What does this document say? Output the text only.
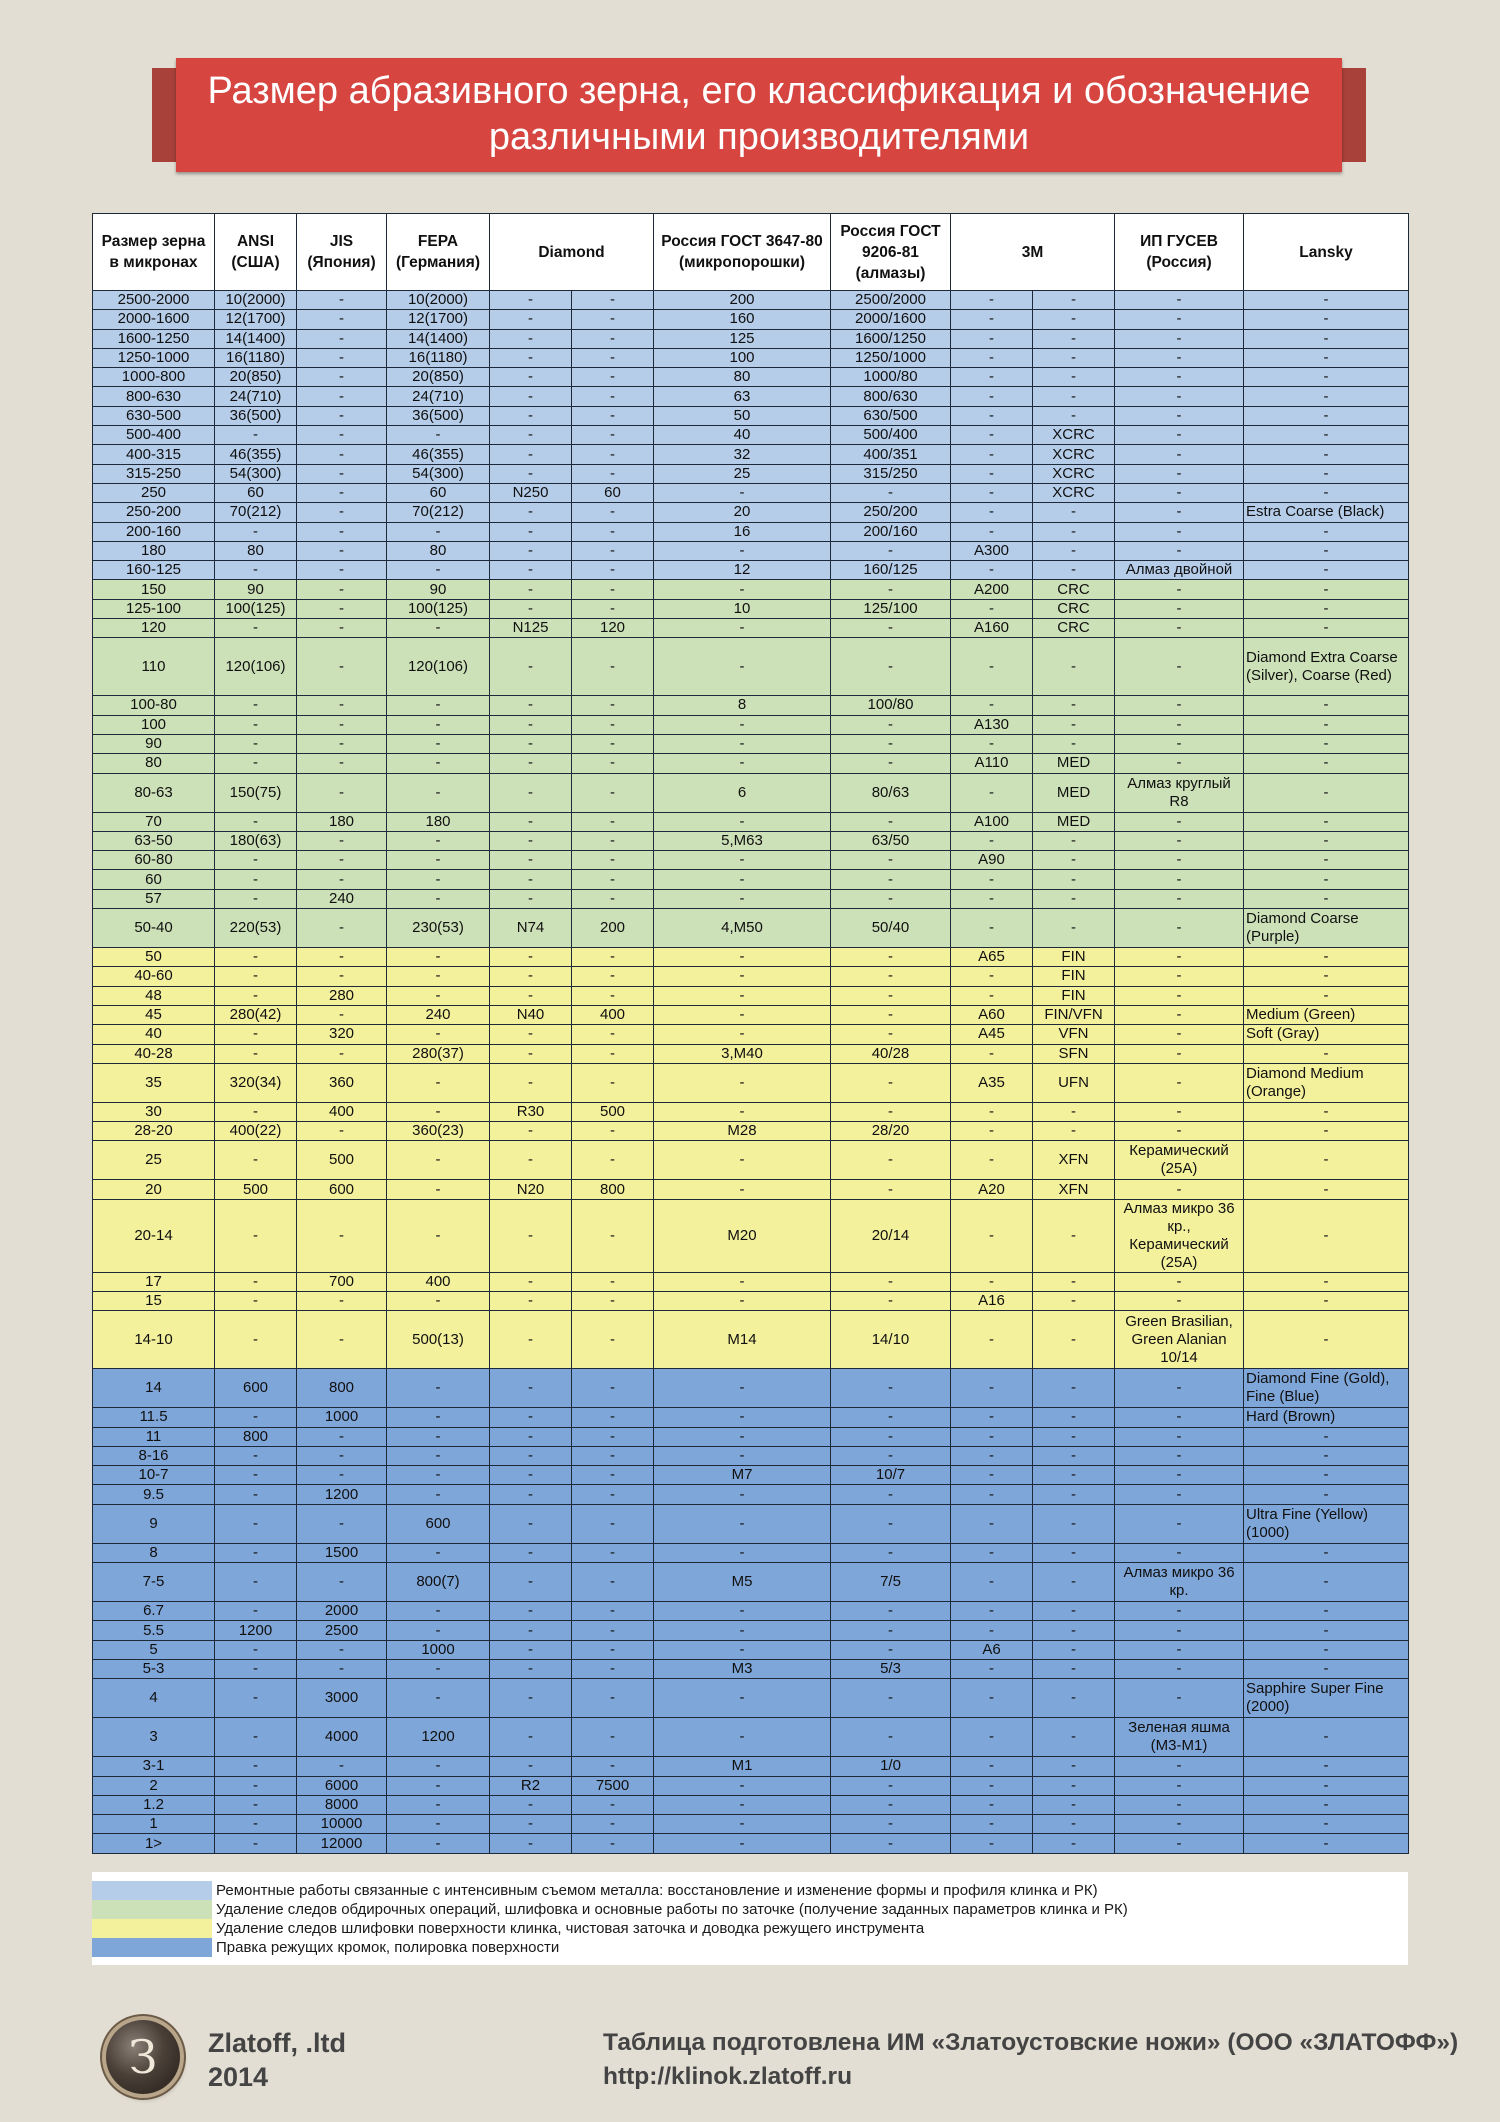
Размер абразивного зерна, его классификация и обозначение
различными производителями
Размер зерна в микронах	ANSI (США)	JIS (Япония)	FEPA (Германия)	Diamond		Россия ГОСТ 3647-80 (микропорошки)	Россия ГОСТ 9206-81 (алмазы)	3M		ИП ГУСЕВ (Россия)	Lansky
2500-2000	10(2000)	-	10(2000)	-	-	200	2500/2000	-	-	-	-
2000-1600	12(1700)	-	12(1700)	-	-	160	2000/1600	-	-	-	-
1600-1250	14(1400)	-	14(1400)	-	-	125	1600/1250	-	-	-	-
1250-1000	16(1180)	-	16(1180)	-	-	100	1250/1000	-	-	-	-
1000-800	20(850)	-	20(850)	-	-	80	1000/80	-	-	-	-
800-630	24(710)	-	24(710)	-	-	63	800/630	-	-	-	-
630-500	36(500)	-	36(500)	-	-	50	630/500	-	-	-	-
500-400	-	-	-	-	-	40	500/400	-	XCRC	-	-
400-315	46(355)	-	46(355)	-	-	32	400/351	-	XCRC	-	-
315-250	54(300)	-	54(300)	-	-	25	315/250	-	XCRC	-	-
250	60	-	60	N250	60	-	-	-	XCRC	-	-
250-200	70(212)	-	70(212)	-	-	20	250/200	-	-	-	Estra Coarse (Black)
200-160	-	-	-	-	-	16	200/160	-	-	-	-
180	80	-	80	-	-	-	-	A300	-	-	-
160-125	-	-	-	-	-	12	160/125	-	-	Алмаз двойной	-
150	90	-	90	-	-	-	-	A200	CRC	-	-
125-100	100(125)	-	100(125)	-	-	10	125/100	-	CRC	-	-
120	-	-	-	N125	120	-	-	A160	CRC	-	-
110	120(106)	-	120(106)	-	-	-	-	-	-	-	Diamond Extra Coarse (Silver), Coarse (Red)
100-80	-	-	-	-	-	8	100/80	-	-	-	-
100	-	-	-	-	-	-	-	A130	-	-	-
90	-	-	-	-	-	-	-	-	-	-	-
80	-	-	-	-	-	-	-	A110	MED	-	-
80-63	150(75)	-	-	-	-	6	80/63	-	MED	Алмаз круглый R8	-
70	-	180	180	-	-	-	-	A100	MED	-	-
63-50	180(63)	-	-	-	-	5,M63	63/50	-	-	-	-
60-80	-	-	-	-	-	-	-	A90	-	-	-
60	-	-	-	-	-	-	-	-	-	-	-
57	-	240	-	-	-	-	-	-	-	-	-
50-40	220(53)	-	230(53)	N74	200	4,M50	50/40	-	-	-	Diamond Coarse (Purple)
50	-	-	-	-	-	-	-	A65	FIN	-	-
40-60	-	-	-	-	-	-	-	-	FIN	-	-
48	-	280	-	-	-	-	-	-	FIN	-	-
45	280(42)	-	240	N40	400	-	-	A60	FIN/VFN	-	Medium (Green)
40	-	320	-	-	-	-	-	A45	VFN	-	Soft (Gray)
40-28	-	-	280(37)	-	-	3,M40	40/28	-	SFN	-	-
35	320(34)	360	-	-	-	-	-	A35	UFN	-	Diamond Medium (Orange)
30	-	400	-	R30	500	-	-	-	-	-	-
28-20	400(22)	-	360(23)	-	-	M28	28/20	-	-	-	-
25	-	500	-	-	-	-	-	-	XFN	Керамический (25A)	-
20	500	600	-	N20	800	-	-	A20	XFN	-	-
20-14	-	-	-	-	-	M20	20/14	-	-	Алмаз микро 36 кр., Керамический (25A)	-
17	-	700	400	-	-	-	-	-	-	-	-
15	-	-	-	-	-	-	-	A16	-	-	-
14-10	-	-	500(13)	-	-	M14	14/10	-	-	Green Brasilian, Green Alanian 10/14	-
14	600	800	-	-	-	-	-	-	-	-	Diamond Fine (Gold), Fine (Blue)
11.5	-	1000	-	-	-	-	-	-	-	-	Hard (Brown)
11	800	-	-	-	-	-	-	-	-	-	-
8-16	-	-	-	-	-	-	-	-	-	-	-
10-7	-	-	-	-	-	M7	10/7	-	-	-	-
9.5	-	1200	-	-	-	-	-	-	-	-	-
9	-	-	600	-	-	-	-	-	-	-	Ultra Fine (Yellow) (1000)
8	-	1500	-	-	-	-	-	-	-	-	-
7-5	-	-	800(7)	-	-	M5	7/5	-	-	Алмаз микро 36 кр.	-
6.7	-	2000	-	-	-	-	-	-	-	-	-
5.5	1200	2500	-	-	-	-	-	-	-	-	-
5	-	-	1000	-	-	-	-	A6	-	-	-
5-3	-	-	-	-	-	M3	5/3	-	-	-	-
4	-	3000	-	-	-	-	-	-	-	-	Sapphire Super Fine (2000)
3	-	4000	1200	-	-	-	-	-	-	Зеленая яшма (M3-M1)	-
3-1	-	-	-	-	-	M1	1/0	-	-	-	-
2	-	6000	-	R2	7500	-	-	-	-	-	-
1.2	-	8000	-	-	-	-	-	-	-	-	-
1	-	10000	-	-	-	-	-	-	-	-	-
1>	-	12000	-	-	-	-	-	-	-	-	-
Ремонтные работы связанные с интенсивным съемом металла: восстановление и изменение формы и профиля клинка и РК)
Удаление следов обдирочных операций, шлифовка и основные работы по заточке (получение заданных параметров клинка и РК)
Удаление следов шлифовки поверхности клинка, чистовая заточка и доводка режущего инструмента
Правка режущих кромок, полировка поверхности
З	Zlatoff, .ltd
2014
Таблица подготовлена ИМ «Златоустовские ножи» (ООО «ЗЛАТОФФ»)
http://klinok.zlatoff.ru
